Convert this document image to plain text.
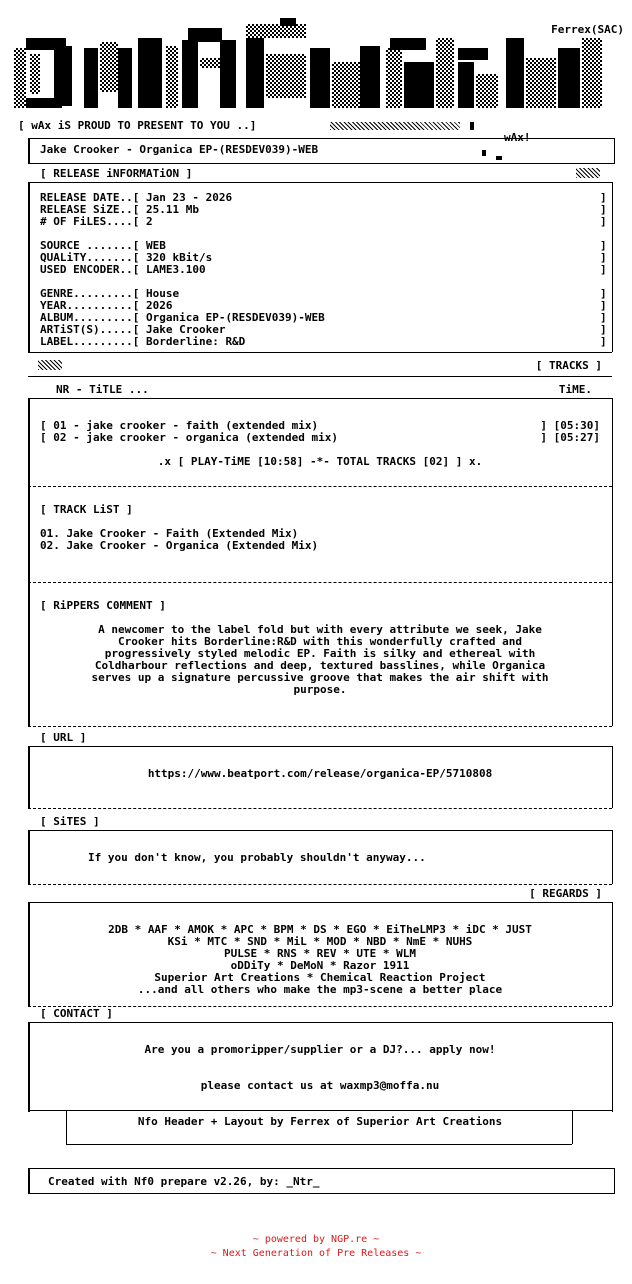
Ferrex(SAC)
[ wAx iS PROUD TO PRESENT TO YOU ..]
wAx!
Jake Crooker - Organica EP-(RESDEV039)-WEB
[ RELEASE iNFORMATiON ]
RELEASE DATE..[ Jan 23 - 2026
RELEASE SiZE..[ 25.11 Mb
# OF FiLES....[ 2

SOURCE .......[ WEB
QUALiTY.......[ 320 kBit/s
USED ENCODER..[ LAME3.100

GENRE.........[ House
YEAR..........[ 2026
ALBUM.........[ Organica EP-(RESDEV039)-WEB
ARTiST(S).....[ Jake Crooker
LABEL.........[ Borderline: R&D
]
]
]

]
]
]

]
]
]
]
]
[ TRACKS ]
NR - TiTLE ...	TiME.
[ 01 - jake crooker - faith (extended mix)	] [05:30]
[ 02 - jake crooker - organica (extended mix)	] [05:27]
.x [ PLAY-TiME [10:58] -*- TOTAL TRACKS [02] ] x.
[ TRACK LiST ]
01. Jake Crooker - Faith (Extended Mix)
02. Jake Crooker - Organica (Extended Mix)
[ RiPPERS C0MMENT ]
A newcomer to the label fold but with every attribute we seek, Jake
Crooker hits Borderline:R&D with this wonderfully crafted and
progressively styled melodic EP. Faith is silky and ethereal with
Coldharbour reflections and deep, textured basslines, while Organica
serves up a signature percussive groove that makes the air shift with
purpose.
[ URL ]
https://www.beatport.com/release/organica-EP/5710808
[ SiTES ]
If you don't know, you probably shouldn't anyway...
[ REGARDS ]
2DB * AAF * AMOK * APC * BPM * DS * EGO * EiTheLMP3 * iDC * JUST
KSi * MTC * SND * MiL * MOD * NBD * NmE * NUHS
PULSE * RNS * REV * UTE * WLM
oDDiTy * DeMoN * Razor 1911
Superior Art Creations * Chemical Reaction Project
...and all others who make the mp3-scene a better place
[ CONTACT ]
Are you a promoripper/supplier or a DJ?... apply now!
please contact us at waxmp3@moffa.nu
Nfo Header + Layout by Ferrex of Superior Art Creations
Created with Nf0 prepare v2.26, by: _Ntr_
~ powered by NGP.re ~
~ Next Generation of Pre Releases ~
